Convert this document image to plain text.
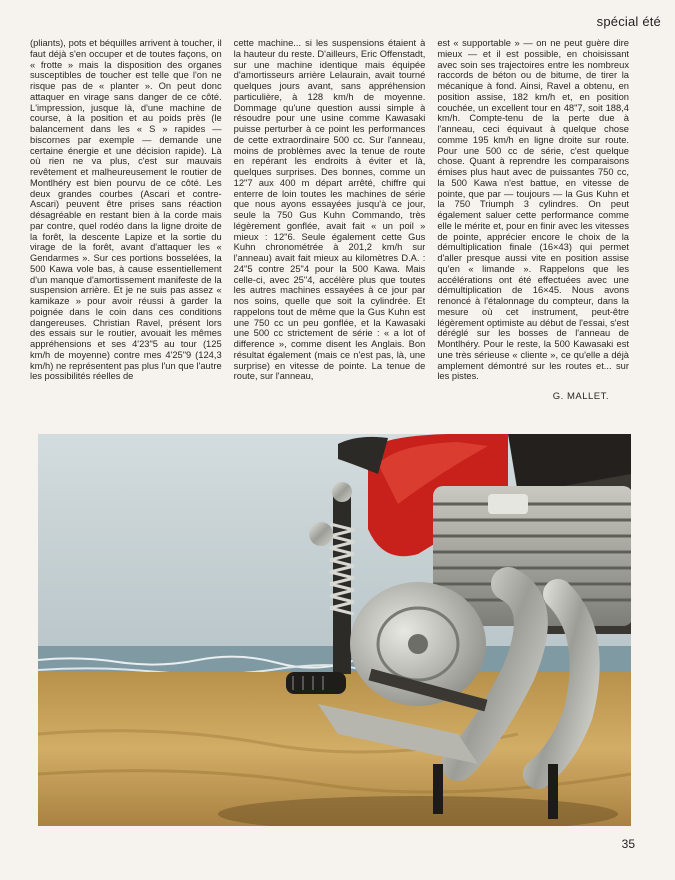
spécial été

(pliants), pots et béquilles arrivent à toucher, il faut déjà s'en occuper et de toutes façons, on « frotte » mais la disposition des organes susceptibles de toucher est telle que l'on ne risque pas de « planter ». On peut donc attaquer en virage sans danger de ce côté. L'impression, jusque là, d'une machine de course, à la position et au poids près (le balancement dans les « S » rapides — biscornes par exemple — demande une certaine énergie et une décision rapide). Là où rien ne va plus, c'est sur mauvais revêtement et malheureusement le routier de Montlhéry est bien pourvu de ce côté. Les deux grandes courbes (Ascari et contre-Ascari) peuvent être prises sans réaction désagréable en restant bien à la corde mais par contre, quel rodéo dans la ligne droite de la forêt, la descente Lapize et la sortie du virage de la forêt, avant d'attaquer les « Gendarmes ». Sur ces portions bosselées, la 500 Kawa vole bas, à cause essentiellement d'un manque d'amortissement manifeste de la suspension arrière. Et je ne suis pas assez « kamikaze » pour avoir réussi à garder la poignée dans le coin dans ces conditions dangereuses. Christian Ravel, présent lors des essais sur le routier, avouait les mêmes appréhensions et ses 4'23"5 au tour (125 km/h de moyenne) contre mes 4'25"9 (124,3 km/h) ne représentent pas plus l'un que l'autre les possibilités réelles de

cette machine... si les suspensions étaient à la hauteur du reste. D'ailleurs, Eric Offenstadt, sur une machine identique mais équipée d'amortisseurs arrière Lelaurain, avait tourné quelques jours avant, sans appréhension particulière, à 128 km/h de moyenne. Dommage qu'une question aussi simple à résoudre pour une usine comme Kawasaki puisse perturber à ce point les performances de cette extraordinaire 500 cc. Sur l'anneau, moins de problèmes avec la tenue de route en repérant les endroits à éviter et là, quelques surprises. Des bonnes, comme un 12"7 aux 400 m départ arrêté, chiffre qui enterre de loin toutes les machines de série que nous ayons essayées jusqu'à ce jour, seule la 750 Gus Kuhn Commando, très légèrement gonflée, avait fait « un poil » mieux : 12"6. Seule également cette Gus Kuhn chronométrée à 201,2 km/h sur l'anneau) avait fait mieux au kilomètres D.A. : 24"5 contre 25"4 pour la 500 Kawa. Mais celle-ci, avec 25"4, accélère plus que toutes les autres machines essayées à ce jour par nos soins, quelle que soit la cylindrée. Et rappelons tout de même que la Gus Kuhn est une 750 cc un peu gonflée, et la Kawasaki une 500 cc strictement de série : « a lot of difference », comme disent les Anglais. Bon résultat également (mais ce n'est pas, là, une surprise) en vitesse de pointe. La tenue de route, sur l'anneau,

est « supportable » — on ne peut guère dire mieux — et il est possible, en choisissant avec soin ses trajectoires entre les nombreux raccords de béton ou de bitume, de tirer la mécanique à fond. Ainsi, Ravel a obtenu, en position assise, 182 km/h et, en position couchée, un excellent tour en 48"7, soit 188,4 km/h. Compte-tenu de la perte due à l'anneau, ceci équivaut à quelque chose comme 195 km/h en ligne droite sur route. Pour une 500 cc de série, c'est quelque chose. Quant à reprendre les comparaisons émises plus haut avec de puissantes 750 cc, la 500 Kawa n'est battue, en vitesse de pointe, que par — toujours — la Gus Kuhn et la 750 Triumph 3 cylindres. On peut également saluer cette performance comme elle le mérite et, pour en finir avec les vitesses de pointe, apprécier encore le choix de la démultiplication finale (16×43) qui permet d'aller presque aussi vite en position assise qu'en « limande ». Rappelons que les accélérations ont été effectuées avec une démultiplication de 16×45. Nous avons renoncé à l'étalonnage du compteur, dans la mesure où cet instrument, peut-être légèrement optimiste au début de l'essai, s'est déréglé sur les bosses de l'anneau de Montlhéry. Pour le reste, la 500 Kawasaki est une très sérieuse « cliente », ce qu'elle a déjà amplement démontré sur les routes et... sur les pistes.

G. MALLET.
35
